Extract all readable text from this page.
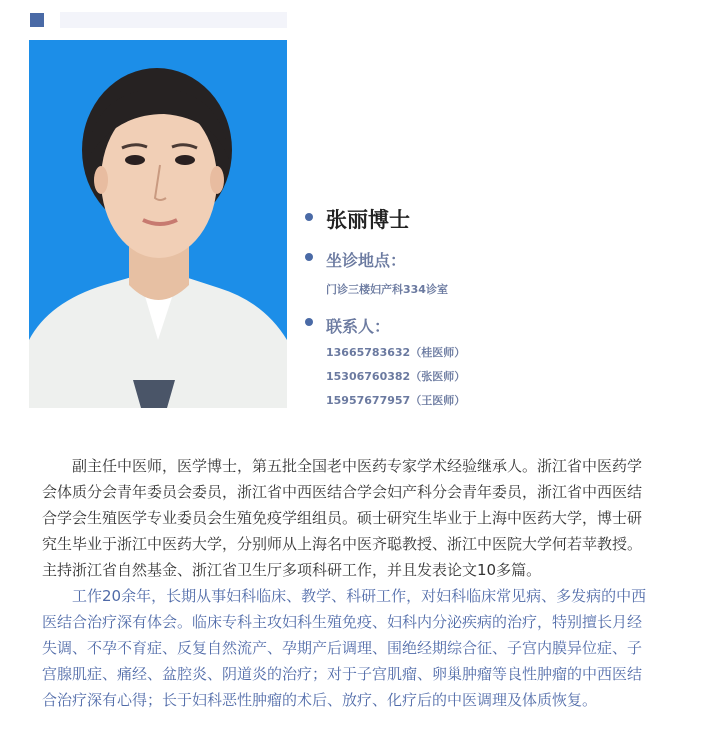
张丽博士
坐诊地点：
门诊三楼妇产科334诊室
联系人：
13665783632（桂医师）
15306760382（张医师）
15957677957（王医师）

副主任中医师，医学博士，第五批全国老中医药专家学术经验继承人。浙江省中医药学会体质分会青年委员会委员，浙江省中西医结合学会妇产科分会青年委员，浙江省中西医结合学会生殖医学专业委员会生殖免疫学组组员。硕士研究生毕业于上海中医药大学，博士研究生毕业于浙江中医药大学，分别师从上海名中医齐聪教授、浙江中医院大学何若苹教授。主持浙江省自然基金、浙江省卫生厅多项科研工作，并且发表论文10多篇。

工作20余年，长期从事妇科临床、教学、科研工作，对妇科临床常见病、多发病的中西医结合治疗深有体会。临床专科主攻妇科生殖免疫、妇科内分泌疾病的治疗，特别擅长月经失调、不孕不育症、反复自然流产、孕期产后调理、围绝经期综合征、子宫内膜异位症、子宫腺肌症、痛经、盆腔炎、阴道炎的治疗；对于子宫肌瘤、卵巢肿瘤等良性肿瘤的中西医结合治疗深有心得；长于妇科恶性肿瘤的术后、放疗、化疗后的中医调理及体质恢复。
